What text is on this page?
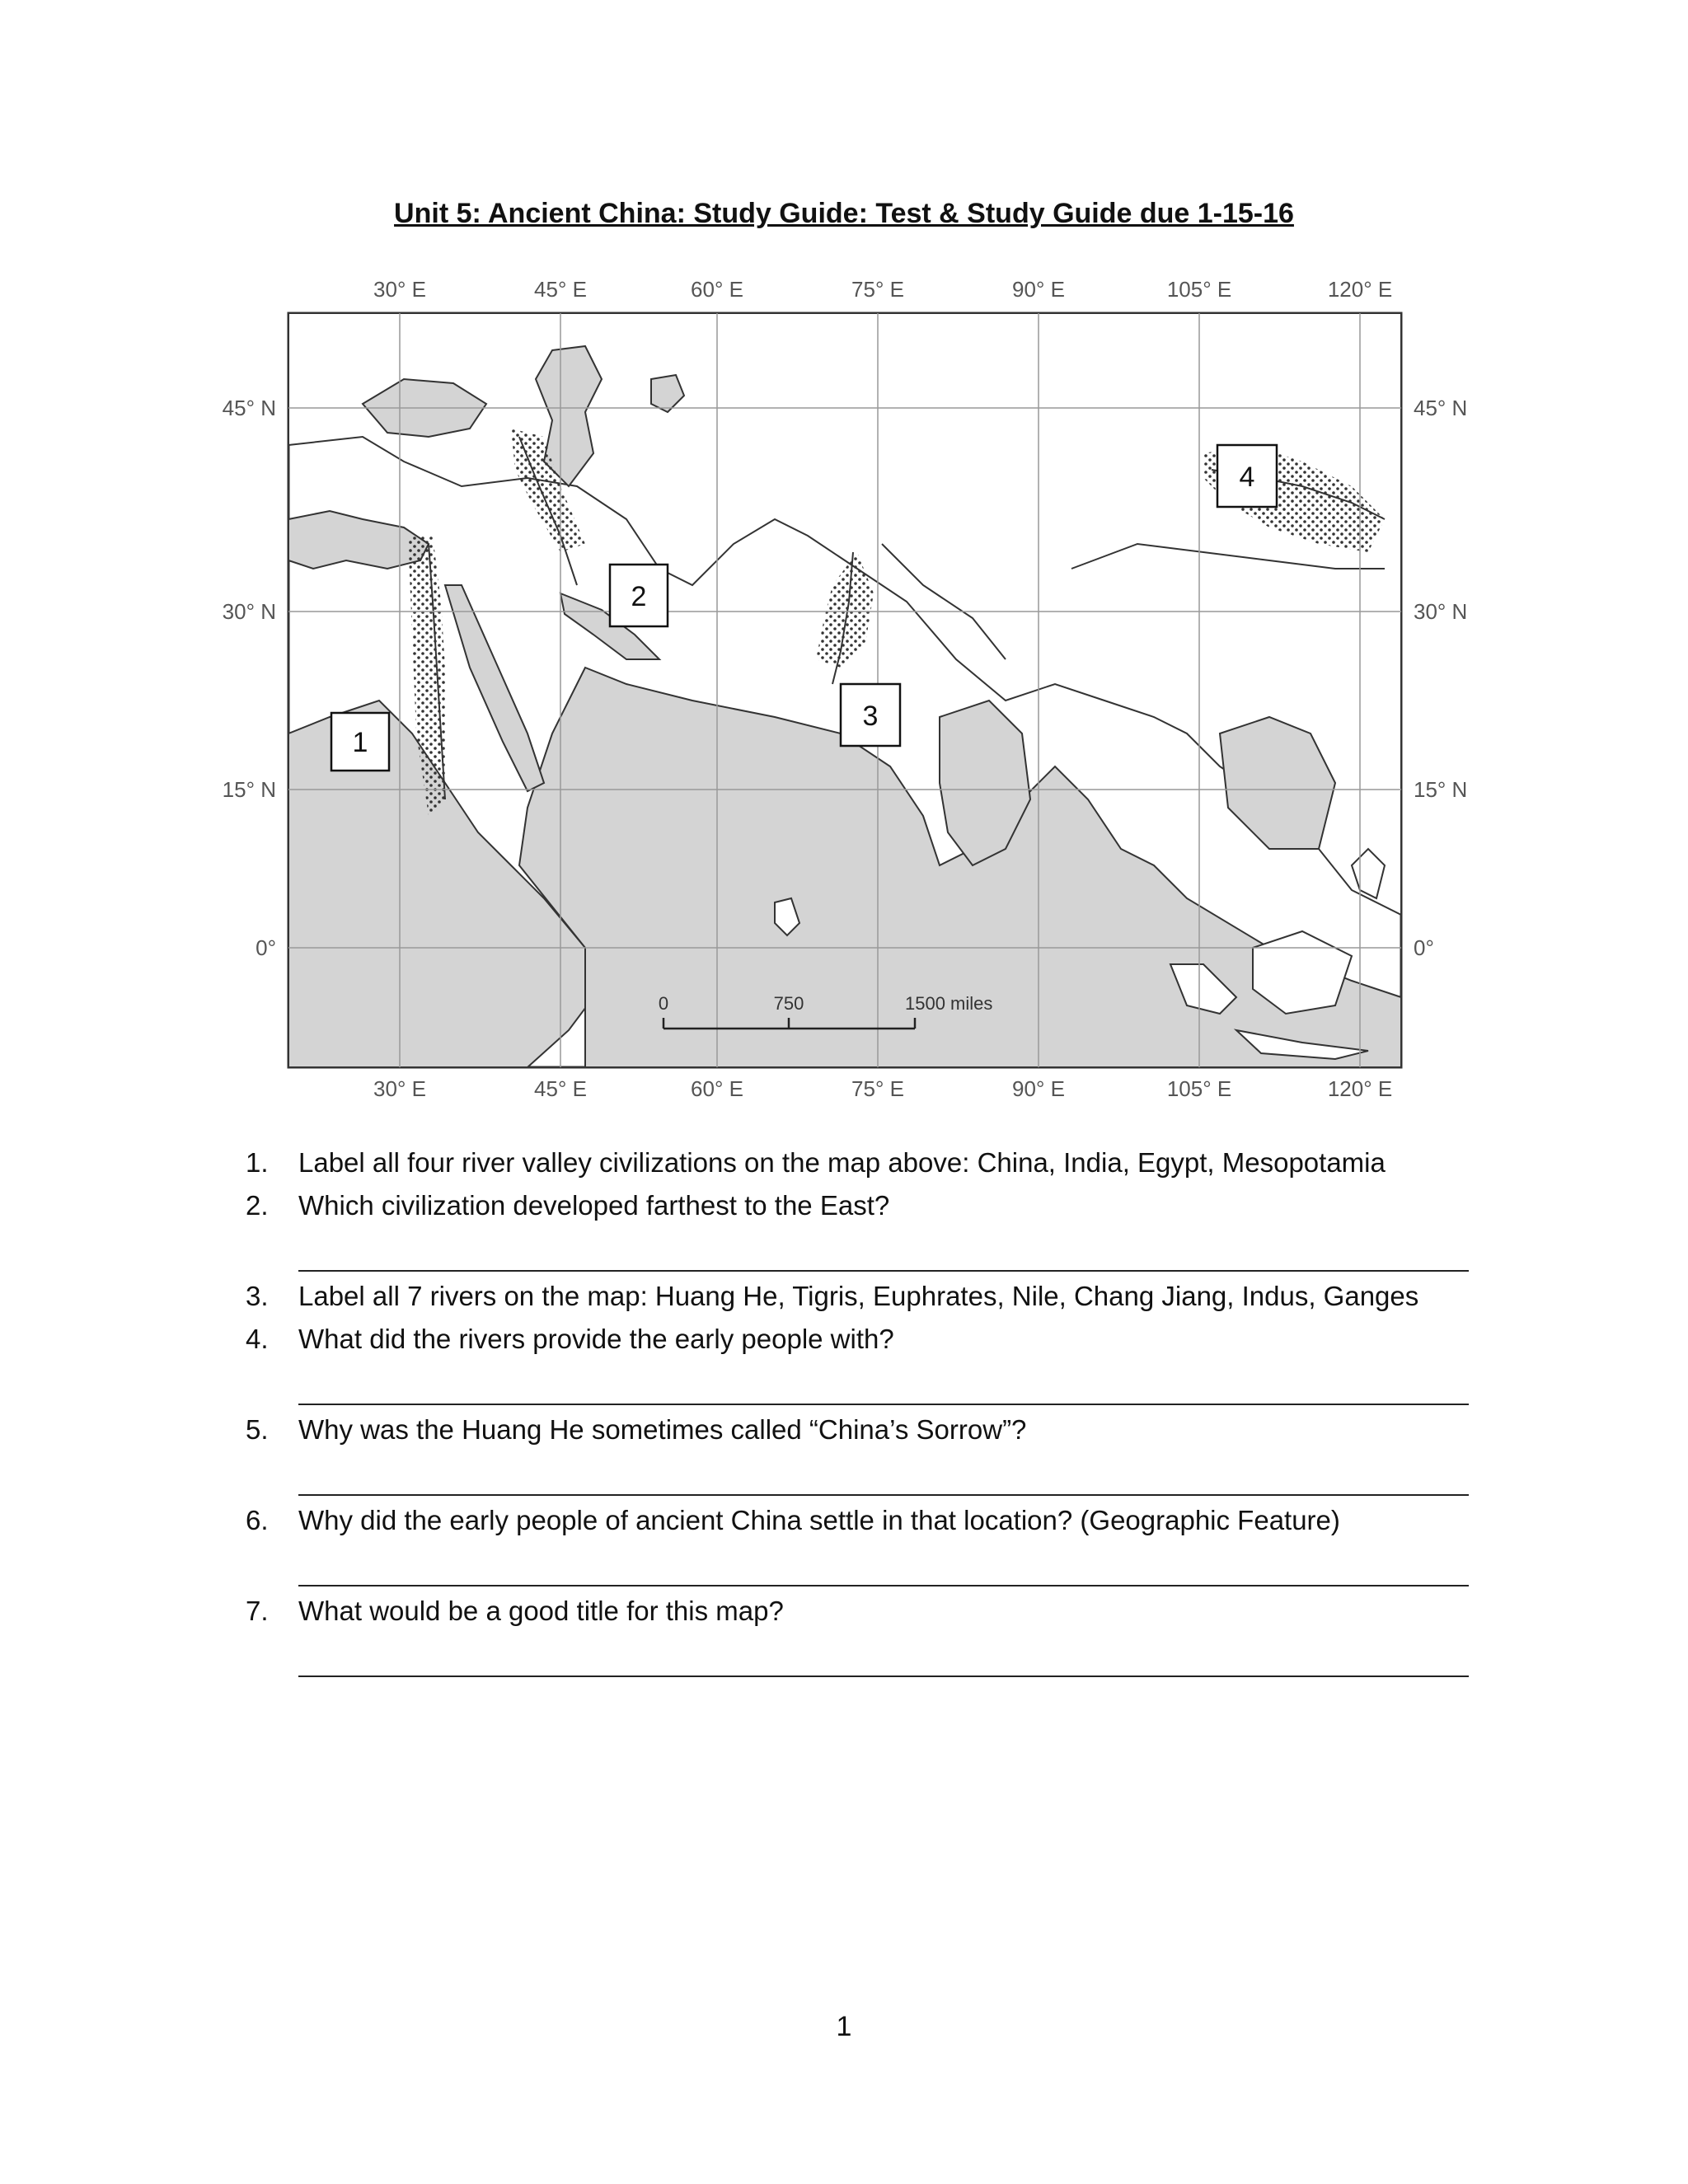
Unit 5: Ancient China: Study Guide: Test & Study Guide due 1-15-16
30° E	45° E	60° E	75° E	90° E	105° E	120° E
30° E	45° E	60° E	75° E	90° E	105° E	120° E
45° N
30° N
15° N
0°
45° N
30° N
15° N
0°
0	750	1500 miles
1
2
3
4
1.	Label all four river valley civilizations on the map above: China, India, Egypt, Mesopotamia
2.	Which civilization developed farthest to the East?
3.	Label all 7 rivers on the map: Huang He, Tigris, Euphrates, Nile, Chang Jiang, Indus, Ganges
4.	What did the rivers provide the early people with?
5.	Why was the Huang He sometimes called “China’s Sorrow”?
6.	Why did the early people of ancient China settle in that location? (Geographic Feature)
7.	What would be a good title for this map?
1
